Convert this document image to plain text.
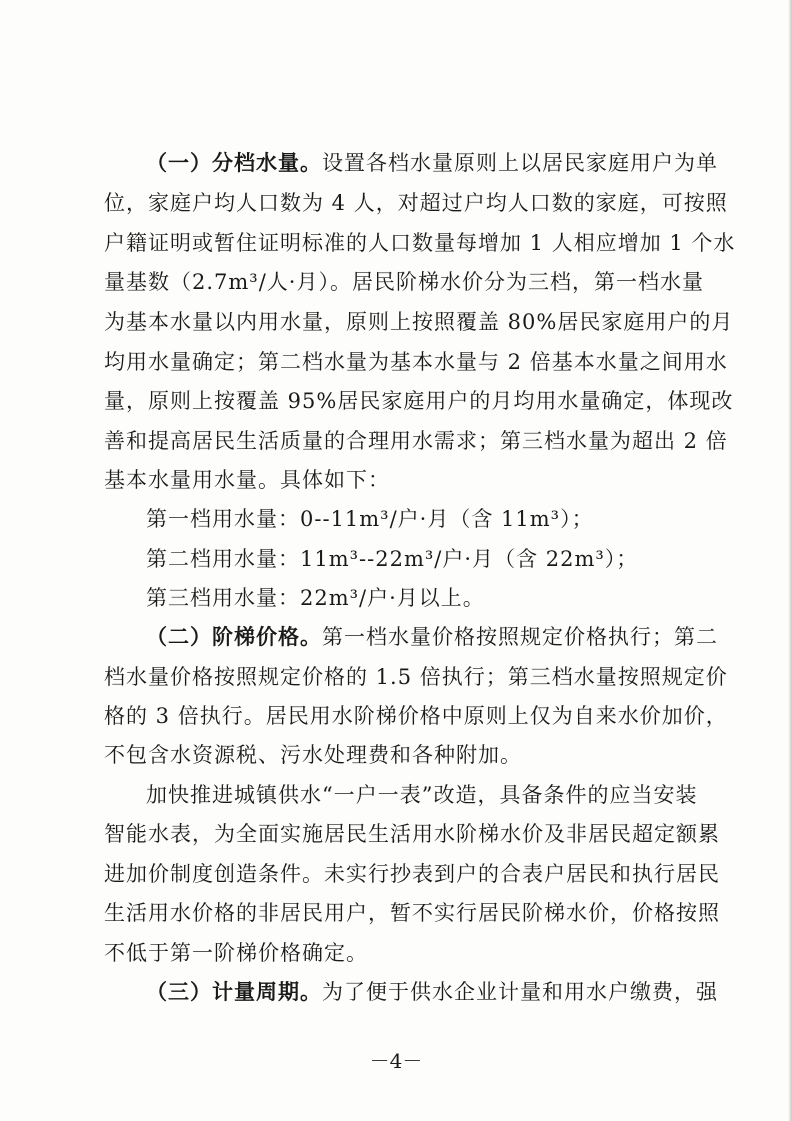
（一）分档水量。设置各档水量原则上以居民家庭用户为单
位，家庭户均人口数为 4 人，对超过户均人口数的家庭，可按照
户籍证明或暂住证明标准的人口数量每增加 1 人相应增加 1 个水
量基数（2.7m³/人·月）。居民阶梯水价分为三档，第一档水量
为基本水量以内用水量，原则上按照覆盖 80%居民家庭用户的月
均用水量确定；第二档水量为基本水量与 2 倍基本水量之间用水
量，原则上按覆盖 95%居民家庭用户的月均用水量确定，体现改
善和提高居民生活质量的合理用水需求；第三档水量为超出 2 倍
基本水量用水量。具体如下：
第一档用水量：0--11m³/户·月（含 11m³）；
第二档用水量：11m³--22m³/户·月（含 22m³）；
第三档用水量：22m³/户·月以上。
（二）阶梯价格。第一档水量价格按照规定价格执行；第二
档水量价格按照规定价格的 1.5 倍执行；第三档水量按照规定价
格的 3 倍执行。居民用水阶梯价格中原则上仅为自来水价加价，
不包含水资源税、污水处理费和各种附加。
加快推进城镇供水“一户一表”改造，具备条件的应当安装
智能水表，为全面实施居民生活用水阶梯水价及非居民超定额累
进加价制度创造条件。未实行抄表到户的合表户居民和执行居民
生活用水价格的非居民用户，暂不实行居民阶梯水价，价格按照
不低于第一阶梯价格确定。
（三）计量周期。为了便于供水企业计量和用水户缴费，强
－4－
